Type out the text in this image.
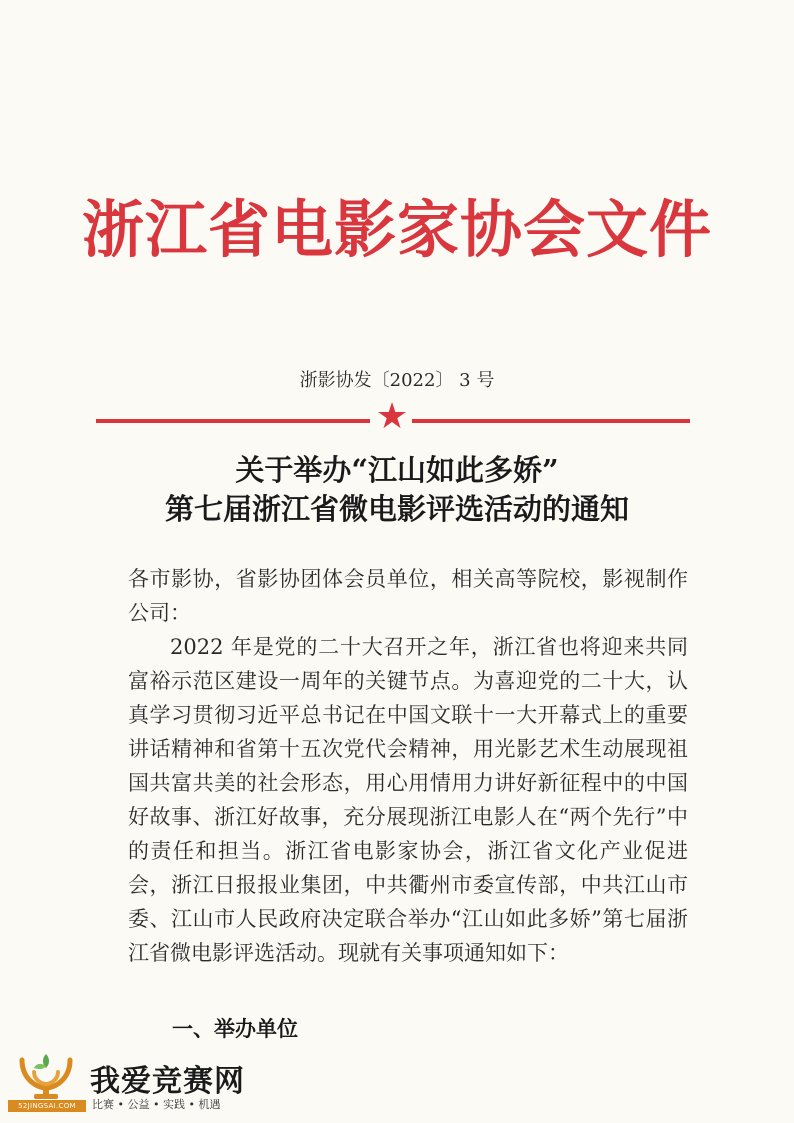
浙江省电影家协会文件
浙影协发〔2022〕 3 号
★
关于举办“江山如此多娇”
第七届浙江省微电影评选活动的通知
各市影协，省影协团体会员单位，相关高等院校，影视制作公司：
2022 年是党的二十大召开之年，浙江省也将迎来共同富裕示范区建设一周年的关键节点。为喜迎党的二十大，认真学习贯彻习近平总书记在中国文联十一大开幕式上的重要讲话精神和省第十五次党代会精神，用光影艺术生动展现祖国共富共美的社会形态，用心用情用力讲好新征程中的中国好故事、浙江好故事，充分展现浙江电影人在“两个先行”中的责任和担当。浙江省电影家协会，浙江省文化产业促进会，浙江日报报业集团，中共衢州市委宣传部，中共江山市委、江山市人民政府决定联合举办“江山如此多娇”第七届浙江省微电影评选活动。现就有关事项通知如下：
一、举办单位
52JINGSAI.COM
我爱竞赛网
比赛 • 公益 • 实践 • 机遇
